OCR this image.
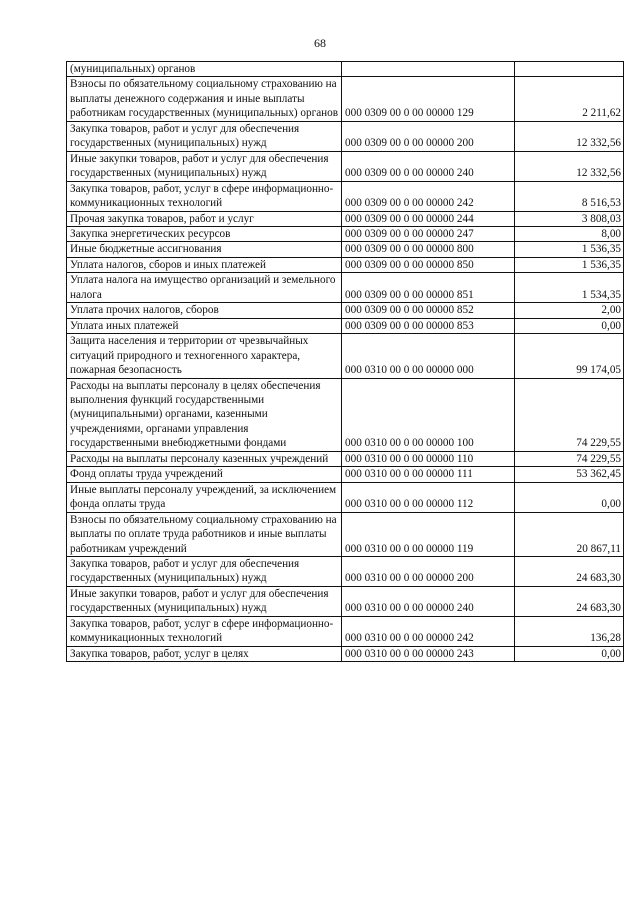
68
(муниципальных) органов		
Взносы по обязательному социальному страхованию на выплаты денежного содержания и иные выплаты работникам государственных (муниципальных) органов	000 0309 00 0 00 00000 129	2 211,62
Закупка товаров, работ и услуг для обеспечения государственных (муниципальных) нужд	000 0309 00 0 00 00000 200	12 332,56
Иные закупки товаров, работ и услуг для обеспечения государственных (муниципальных) нужд	000 0309 00 0 00 00000 240	12 332,56
Закупка товаров, работ, услуг в сфере информационно-коммуникационных технологий	000 0309 00 0 00 00000 242	8 516,53
Прочая закупка товаров, работ и услуг	000 0309 00 0 00 00000 244	3 808,03
Закупка энергетических ресурсов	000 0309 00 0 00 00000 247	8,00
Иные бюджетные ассигнования	000 0309 00 0 00 00000 800	1 536,35
Уплата налогов, сборов и иных платежей	000 0309 00 0 00 00000 850	1 536,35
Уплата налога на имущество организаций и земельного налога	000 0309 00 0 00 00000 851	1 534,35
Уплата прочих налогов, сборов	000 0309 00 0 00 00000 852	2,00
Уплата иных платежей	000 0309 00 0 00 00000 853	0,00
Защита населения и территории от чрезвычайных ситуаций природного и техногенного характера, пожарная безопасность	000 0310 00 0 00 00000 000	99 174,05
Расходы на выплаты персоналу в целях обеспечения выполнения функций государственными (муниципальными) органами, казенными учреждениями, органами управления государственными внебюджетными фондами	000 0310 00 0 00 00000 100	74 229,55
Расходы на выплаты персоналу казенных учреждений	000 0310 00 0 00 00000 110	74 229,55
Фонд оплаты труда учреждений	000 0310 00 0 00 00000 111	53 362,45
Иные выплаты персоналу учреждений, за исключением фонда оплаты труда	000 0310 00 0 00 00000 112	0,00
Взносы по обязательному социальному страхованию на выплаты по оплате труда работников и иные выплаты работникам учреждений	000 0310 00 0 00 00000 119	20 867,11
Закупка товаров, работ и услуг для обеспечения государственных (муниципальных) нужд	000 0310 00 0 00 00000 200	24 683,30
Иные закупки товаров, работ и услуг для обеспечения государственных (муниципальных) нужд	000 0310 00 0 00 00000 240	24 683,30
Закупка товаров, работ, услуг в сфере информационно-коммуникационных технологий	000 0310 00 0 00 00000 242	136,28
Закупка товаров, работ, услуг в целях	000 0310 00 0 00 00000 243	0,00
